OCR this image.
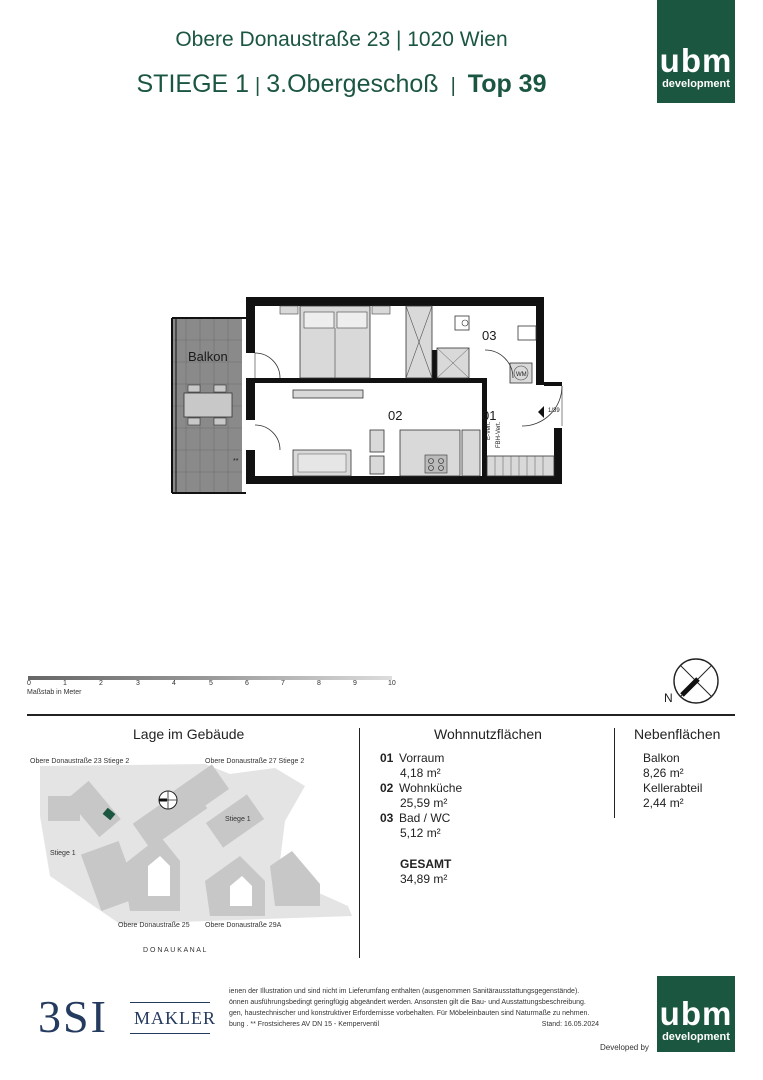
Obere Donaustraße 23 | 1020 Wien
STIEGE 1 | 3.Obergeschoß | Top 39
ubm
development
WM
Balkon
02	01
03
1/39
**
E-Vert. FBH-Vert.
0	1	2	3	4	5	6	7	8	9	10
Maßstab in Meter	N
Lage im Gebäude
Obere Donaustraße 23 Stiege 2	Obere Donaustraße 27 Stiege 2
Stiege 1
Stiege 1
Obere Donaustraße 25 Obere Donaustraße 29A
D O N A U K A N A L
Wohnnutzflächen
01 Vorraum
4,18 m²
02 Wohnküche
25,59 m²
03 Bad / WC
5,12 m²
GESAMT
34,89 m²
Nebenflächen
Balkon
8,26 m²
Kellerabteil
2,44 m²
3SI MAKLER
ienen der Illustration und sind nicht im Lieferumfang enthalten (ausgenommen Sanitärausstattungsgegenstände).
önnen ausführungsbedingt geringfügig abgeändert werden. Ansonsten gilt die Bau- und Ausstattungsbeschreibung.
gen, haustechnischer und konstruktiver Erfordernisse vorbehalten. Für Möbeleinbauten sind Naturmaße zu nehmen.
bung . ** Frostsicheres AV DN 15 - Kemperventil	Stand: 16.05.2024 ubm
development
Developed by
